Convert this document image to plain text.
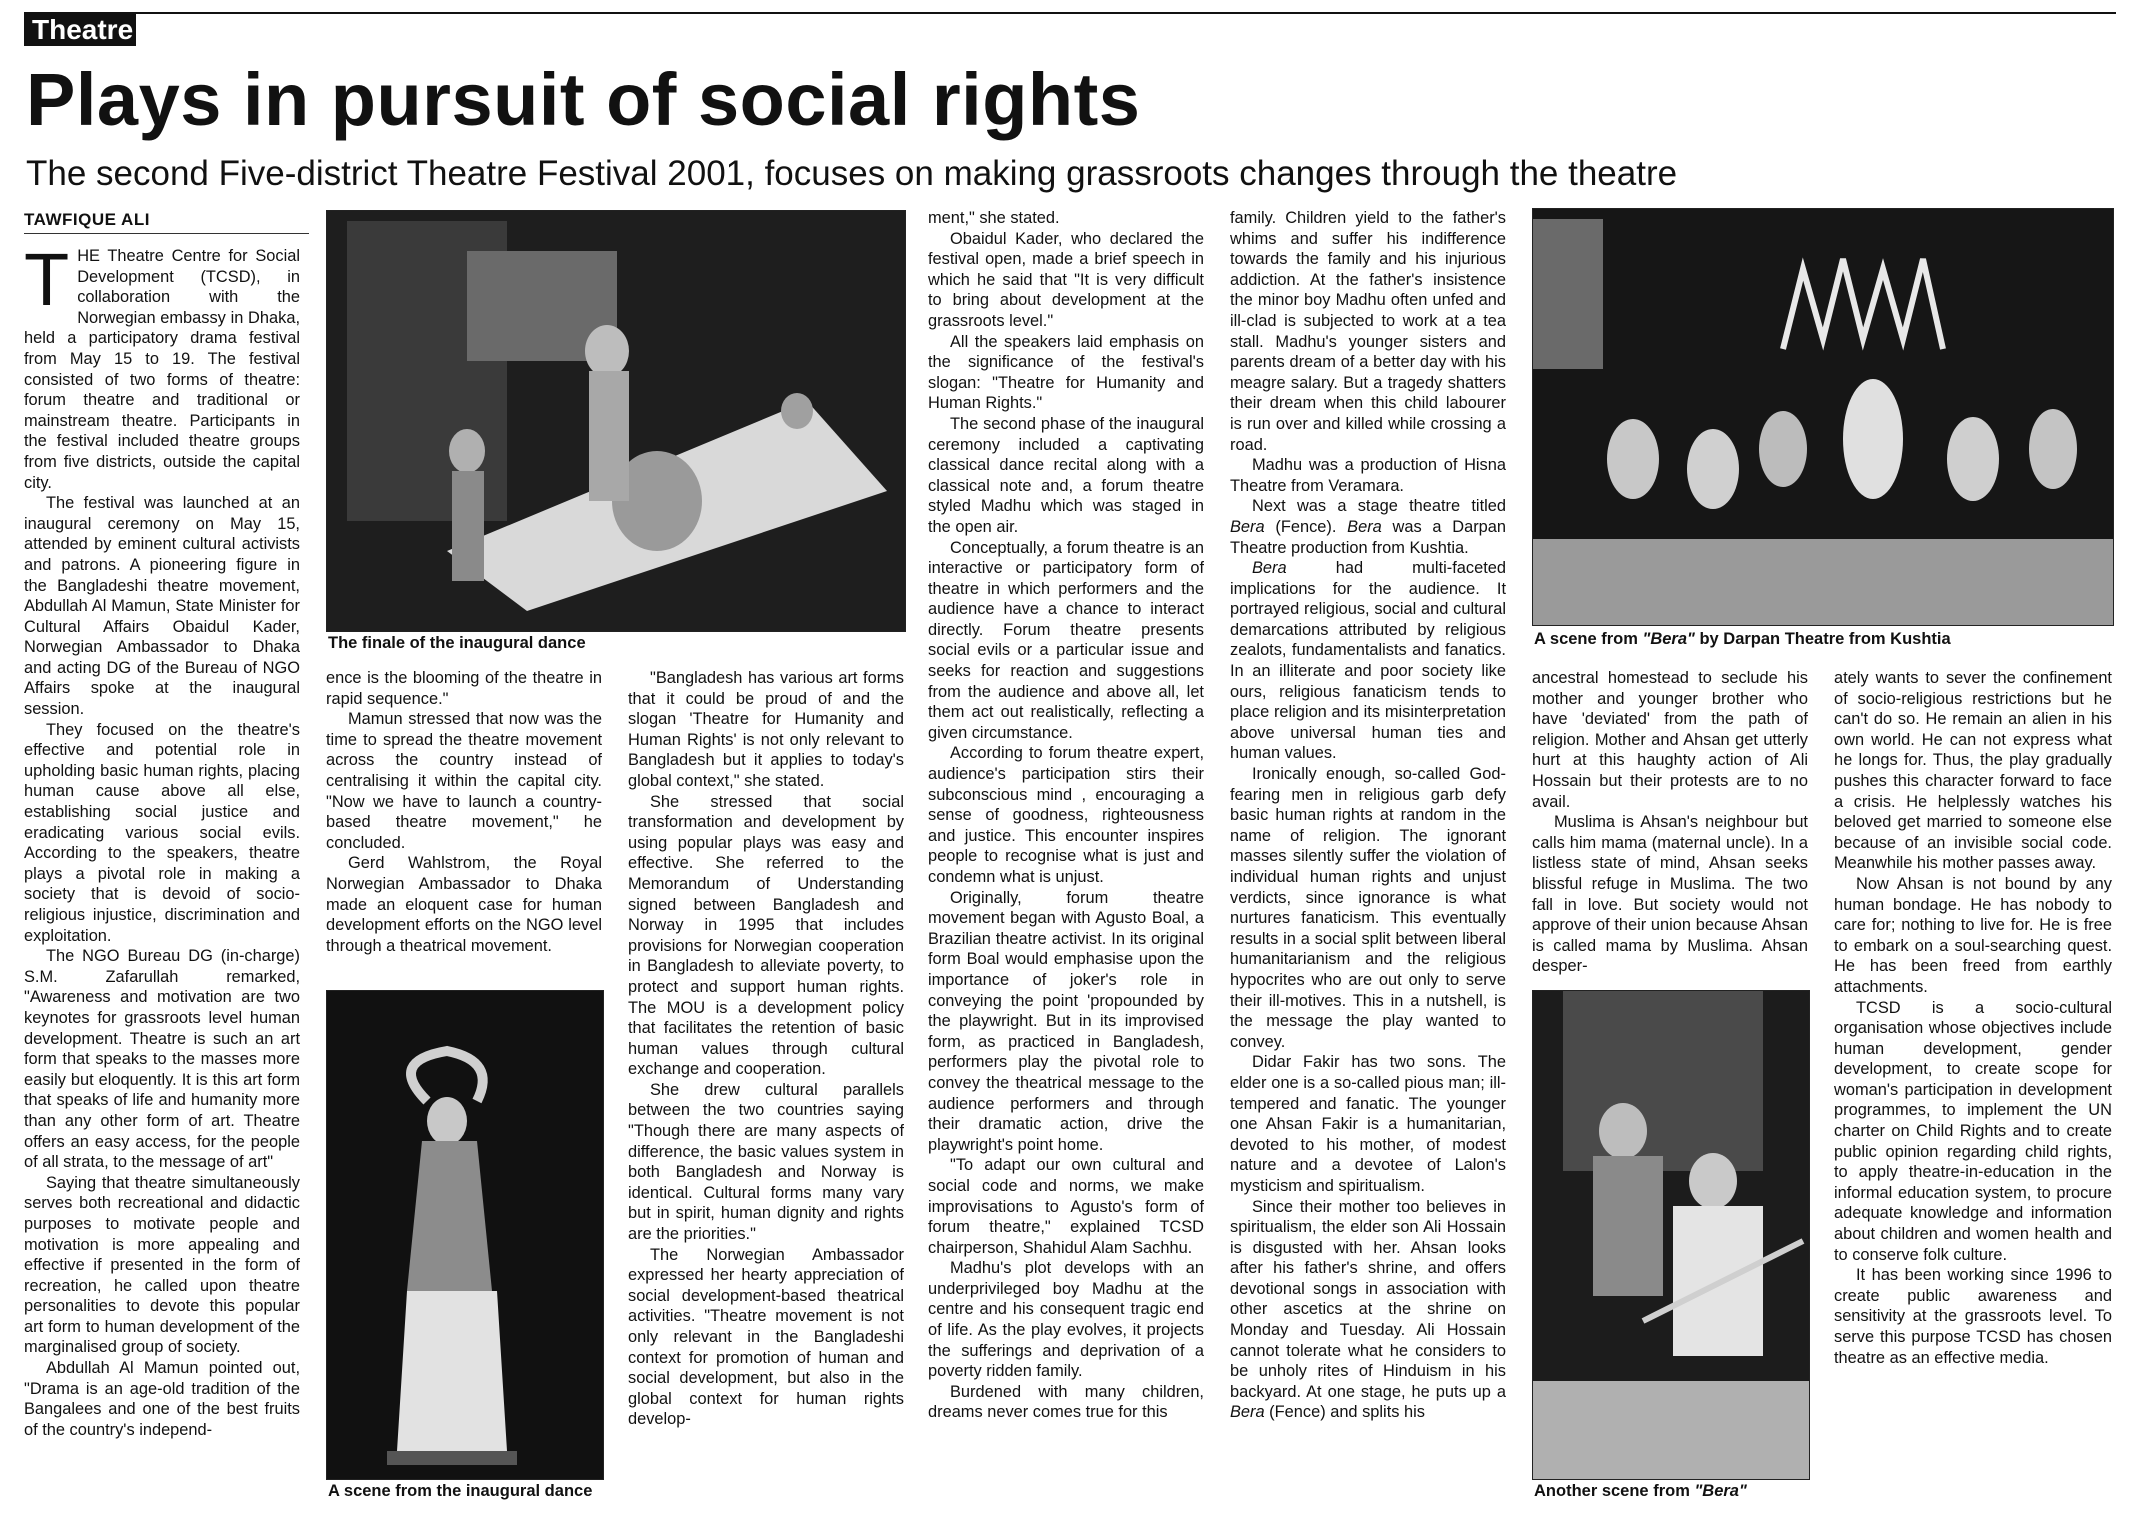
Theatre
Plays in pursuit of social rights
The second Five-district Theatre Festival 2001, focuses on making grassroots changes through the theatre
TAWFIQUE ALI

THE Theatre Centre for Social Development (TCSD), in collaboration with the Norwegian embassy in Dhaka, held a participatory drama festival from May 15 to 19. The festival consisted of two forms of theatre: forum theatre and traditional or mainstream theatre. Participants in the festival included theatre groups from five districts, outside the capital city.

The festival was launched at an inaugural ceremony on May 15, attended by eminent cultural activists and patrons. A pioneering figure in the Bangladeshi theatre movement, Abdullah Al Mamun, State Minister for Cultural Affairs Obaidul Kader, Norwegian Ambassador to Dhaka and acting DG of the Bureau of NGO Affairs spoke at the inaugural session.

They focused on the theatre's effective and potential role in upholding basic human rights, placing human cause above all else, establishing social justice and eradicating various social evils. According to the speakers, theatre plays a pivotal role in making a society that is devoid of socio-religious injustice, discrimination and exploitation.

The NGO Bureau DG (in-charge) S.M. Zafarullah remarked, "Awareness and motivation are two keynotes for grassroots level human development. Theatre is such an art form that speaks to the masses more easily but eloquently. It is this art form that speaks of life and humanity more than any other form of art. Theatre offers an easy access, for the people of all strata, to the message of art"

Saying that theatre simultaneously serves both recreational and didactic purposes to motivate people and motivation is more appealing and effective if presented in the form of recreation, he called upon theatre personalities to devote this popular art form to human development of the marginalised group of society.

Abdullah Al Mamun pointed out, "Drama is an age-old tradition of the Bangalees and one of the best fruits of the country's independ-

The finale of the inaugural dance

ence is the blooming of the theatre in rapid sequence."

Mamun stressed that now was the time to spread the theatre movement across the country instead of centralising it within the capital city. "Now we have to launch a country-based theatre movement," he concluded.

Gerd Wahlstrom, the Royal Norwegian Ambassador to Dhaka made an eloquent case for human development efforts on the NGO level through a theatrical movement.

A scene from the inaugural dance

"Bangladesh has various art forms that it could be proud of and the slogan 'Theatre for Humanity and Human Rights' is not only relevant to Bangladesh but it applies to today's global context," she stated.

She stressed that social transformation and development by using popular plays was easy and effective. She referred to the Memorandum of Understanding signed between Bangladesh and Norway in 1995 that includes provisions for Norwegian cooperation in Bangladesh to alleviate poverty, to protect and support human rights. The MOU is a development policy that facilitates the retention of basic human values through cultural exchange and cooperation.

She drew cultural parallels between the two countries saying "Though there are many aspects of difference, the basic values system in both Bangladesh and Norway is identical. Cultural forms many vary but in spirit, human dignity and rights are the priorities."

The Norwegian Ambassador expressed her hearty appreciation of social development-based theatrical activities. "Theatre movement is not only relevant in the Bangladeshi context for promotion of human and social development, but also in the global context for human rights develop-

ment," she stated.

Obaidul Kader, who declared the festival open, made a brief speech in which he said that "It is very difficult to bring about development at the grassroots level."

All the speakers laid emphasis on the significance of the festival's slogan: "Theatre for Humanity and Human Rights."

The second phase of the inaugural ceremony included a captivating classical dance recital along with a classical note and, a forum theatre styled Madhu which was staged in the open air.

Conceptually, a forum theatre is an interactive or participatory form of theatre in which performers and the audience have a chance to interact directly. Forum theatre presents social evils or a particular issue and seeks for reaction and suggestions from the audience and above all, let them act out realistically, reflecting a given circumstance.

According to forum theatre expert, audience's participation stirs their subconscious mind , encouraging a sense of goodness, righteousness and justice. This encounter inspires people to recognise what is just and condemn what is unjust.

Originally, forum theatre movement began with Agusto Boal, a Brazilian theatre activist. In its original form Boal would emphasise upon the importance of joker's role in conveying the point 'propounded by the playwright. But in its improvised form, as practiced in Bangladesh, performers play the pivotal role to convey the theatrical message to the audience performers and through their dramatic action, drive the playwright's point home.

"To adapt our own cultural and social code and norms, we make improvisations to Agusto's form of forum theatre," explained TCSD chairperson, Shahidul Alam Sachhu.

Madhu's plot develops with an underprivileged boy Madhu at the centre and his consequent tragic end of life. As the play evolves, it projects the sufferings and deprivation of a poverty ridden family.

Burdened with many children, dreams never comes true for this

family. Children yield to the father's whims and suffer his indifference towards the family and his injurious addiction. At the father's insistence the minor boy Madhu often unfed and ill-clad is subjected to work at a tea stall. Madhu's younger sisters and parents dream of a better day with his meagre salary. But a tragedy shatters their dream when this child labourer is run over and killed while crossing a road.

Madhu was a production of Hisna Theatre from Veramara.

Next was a stage theatre titled Bera (Fence). Bera was a Darpan Theatre production from Kushtia.

Bera had multi-faceted implications for the audience. It portrayed religious, social and cultural demarcations attributed by religious zealots, fundamentalists and fanatics. In an illiterate and poor society like ours, religious fanaticism tends to place religion and its misinterpretation above universal human ties and human values.

Ironically enough, so-called God-fearing men in religious garb defy basic human rights at random in the name of religion. The ignorant masses silently suffer the violation of individual human rights and unjust verdicts, since ignorance is what nurtures fanaticism. This eventually results in a social split between liberal humanitarianism and the religious hypocrites who are out only to serve their ill-motives. This in a nutshell, is the message the play wanted to convey.

Didar Fakir has two sons. The elder one is a so-called pious man; ill-tempered and fanatic. The younger one Ahsan Fakir is a humanitarian, devoted to his mother, of modest nature and a devotee of Lalon's mysticism and spiritualism.

Since their mother too believes in spiritualism, the elder son Ali Hossain is disgusted with her. Ahsan looks after his father's shrine, and offers devotional songs in association with other ascetics at the shrine on Monday and Tuesday. Ali Hossain cannot tolerate what he considers to be unholy rites of Hinduism in his backyard. At one stage, he puts up a Bera (Fence) and splits his

A scene from "Bera" by Darpan Theatre from Kushtia

ancestral homestead to seclude his mother and younger brother who have 'deviated' from the path of religion. Mother and Ahsan get utterly hurt at this haughty action of Ali Hossain but their protests are to no avail.

Muslima is Ahsan's neighbour but calls him mama (maternal uncle). In a listless state of mind, Ahsan seeks blissful refuge in Muslima. The two fall in love. But society would not approve of their union because Ahsan is called mama by Muslima. Ahsan desper-

Another scene from "Bera"

ately wants to sever the confinement of socio-religious restrictions but he can't do so. He remain an alien in his own world. He can not express what he longs for. Thus, the play gradually pushes this character forward to face a crisis. He helplessly watches his beloved get married to someone else because of an invisible social code. Meanwhile his mother passes away.

Now Ahsan is not bound by any human bondage. He has nobody to care for; nothing to live for. He is free to embark on a soul-searching quest. He has been freed from earthly attachments.

TCSD is a socio-cultural organisation whose objectives include human development, gender development, to create scope for woman's participation in development programmes, to implement the UN charter on Child Rights and to create public opinion regarding child rights, to apply theatre-in-education in the informal education system, to procure adequate knowledge and information about children and women health and to conserve folk culture.

It has been working since 1996 to create public awareness and sensitivity at the grassroots level. To serve this purpose TCSD has chosen theatre as an effective media.
